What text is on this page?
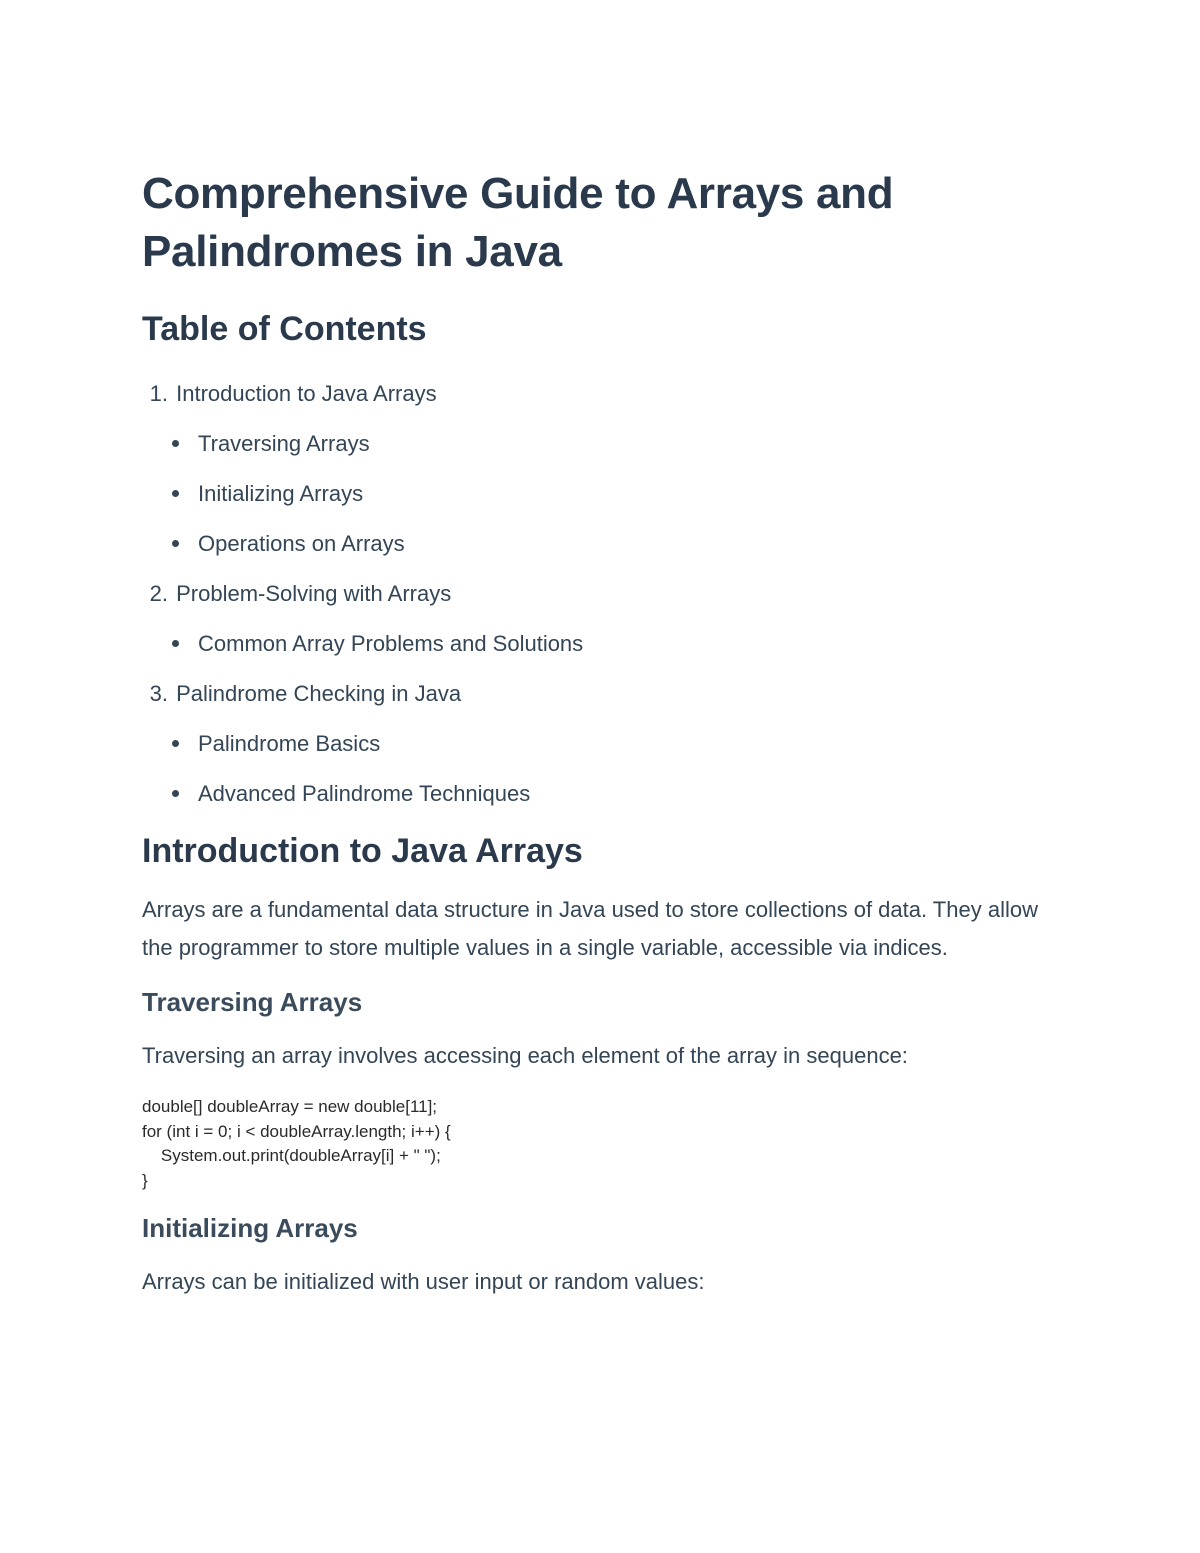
Comprehensive Guide to Arrays and Palindromes in Java
Table of Contents
1. Introduction to Java Arrays
Traversing Arrays
Initializing Arrays
Operations on Arrays
2. Problem-Solving with Arrays
Common Array Problems and Solutions
3. Palindrome Checking in Java
Palindrome Basics
Advanced Palindrome Techniques
Introduction to Java Arrays

Arrays are a fundamental data structure in Java used to store collections of data. They allow the programmer to store multiple values in a single variable, accessible via indices.

Traversing Arrays

Traversing an array involves accessing each element of the array in sequence:

double[] doubleArray = new double[11];
for (int i = 0; i < doubleArray.length; i++) {
System.out.print(doubleArray[i] + " ");
}
Initializing Arrays

Arrays can be initialized with user input or random values:
